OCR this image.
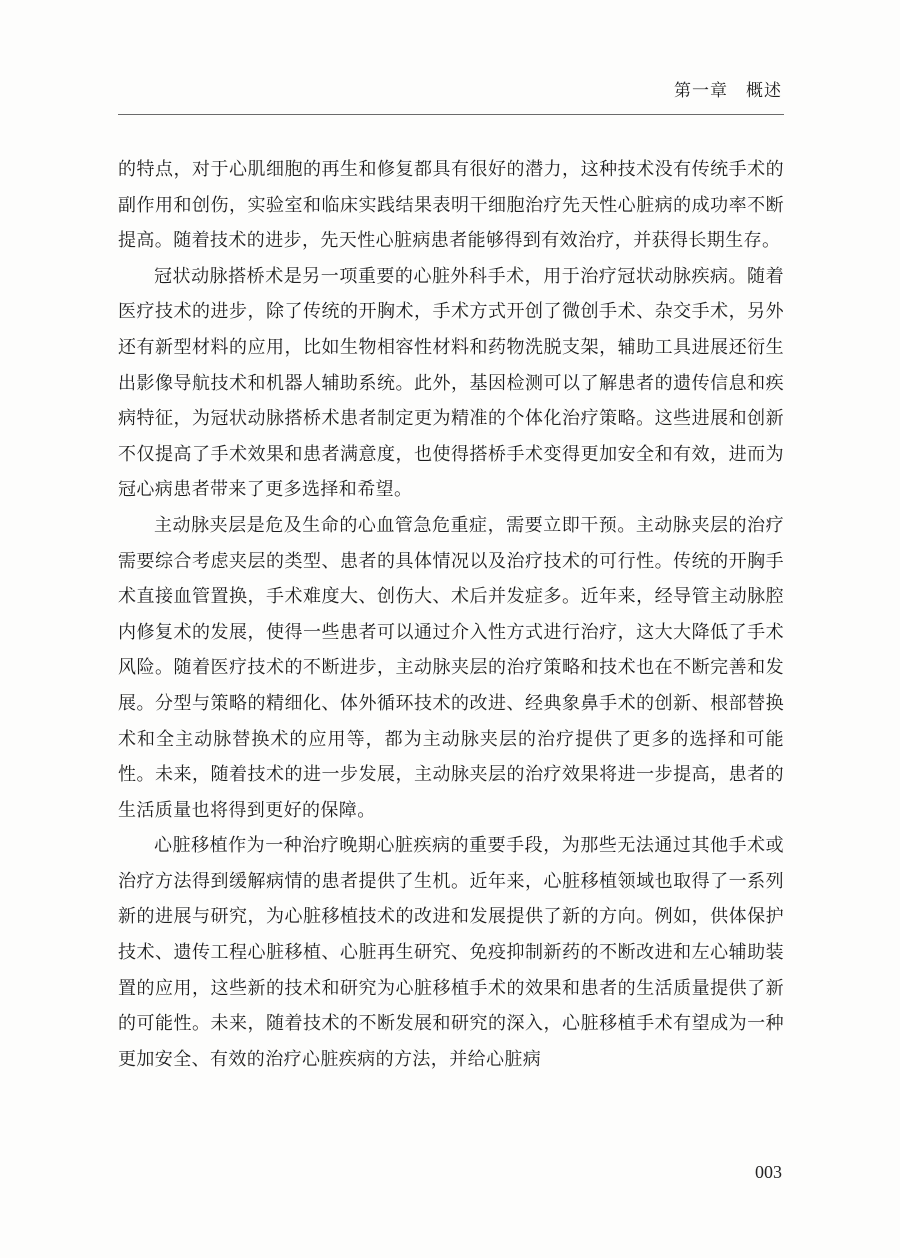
第一章　概述

的特点，对于心肌细胞的再生和修复都具有很好的潜力，这种技术没有传统手术的副作用和创伤，实验室和临床实践结果表明干细胞治疗先天性心脏病的成功率不断提高。随着技术的进步，先天性心脏病患者能够得到有效治疗，并获得长期生存。

冠状动脉搭桥术是另一项重要的心脏外科手术，用于治疗冠状动脉疾病。随着医疗技术的进步，除了传统的开胸术，手术方式开创了微创手术、杂交手术，另外还有新型材料的应用，比如生物相容性材料和药物洗脱支架，辅助工具进展还衍生出影像导航技术和机器人辅助系统。此外，基因检测可以了解患者的遗传信息和疾病特征，为冠状动脉搭桥术患者制定更为精准的个体化治疗策略。这些进展和创新不仅提高了手术效果和患者满意度，也使得搭桥手术变得更加安全和有效，进而为冠心病患者带来了更多选择和希望。

主动脉夹层是危及生命的心血管急危重症，需要立即干预。主动脉夹层的治疗需要综合考虑夹层的类型、患者的具体情况以及治疗技术的可行性。传统的开胸手术直接血管置换，手术难度大、创伤大、术后并发症多。近年来，经导管主动脉腔内修复术的发展，使得一些患者可以通过介入性方式进行治疗，这大大降低了手术风险。随着医疗技术的不断进步，主动脉夹层的治疗策略和技术也在不断完善和发展。分型与策略的精细化、体外循环技术的改进、经典象鼻手术的创新、根部替换术和全主动脉替换术的应用等，都为主动脉夹层的治疗提供了更多的选择和可能性。未来，随着技术的进一步发展，主动脉夹层的治疗效果将进一步提高，患者的生活质量也将得到更好的保障。

心脏移植作为一种治疗晚期心脏疾病的重要手段，为那些无法通过其他手术或治疗方法得到缓解病情的患者提供了生机。近年来，心脏移植领域也取得了一系列新的进展与研究，为心脏移植技术的改进和发展提供了新的方向。例如，供体保护技术、遗传工程心脏移植、心脏再生研究、免疫抑制新药的不断改进和左心辅助装置的应用，这些新的技术和研究为心脏移植手术的效果和患者的生活质量提供了新的可能性。未来，随着技术的不断发展和研究的深入，心脏移植手术有望成为一种更加安全、有效的治疗心脏疾病的方法，并给心脏病

003
